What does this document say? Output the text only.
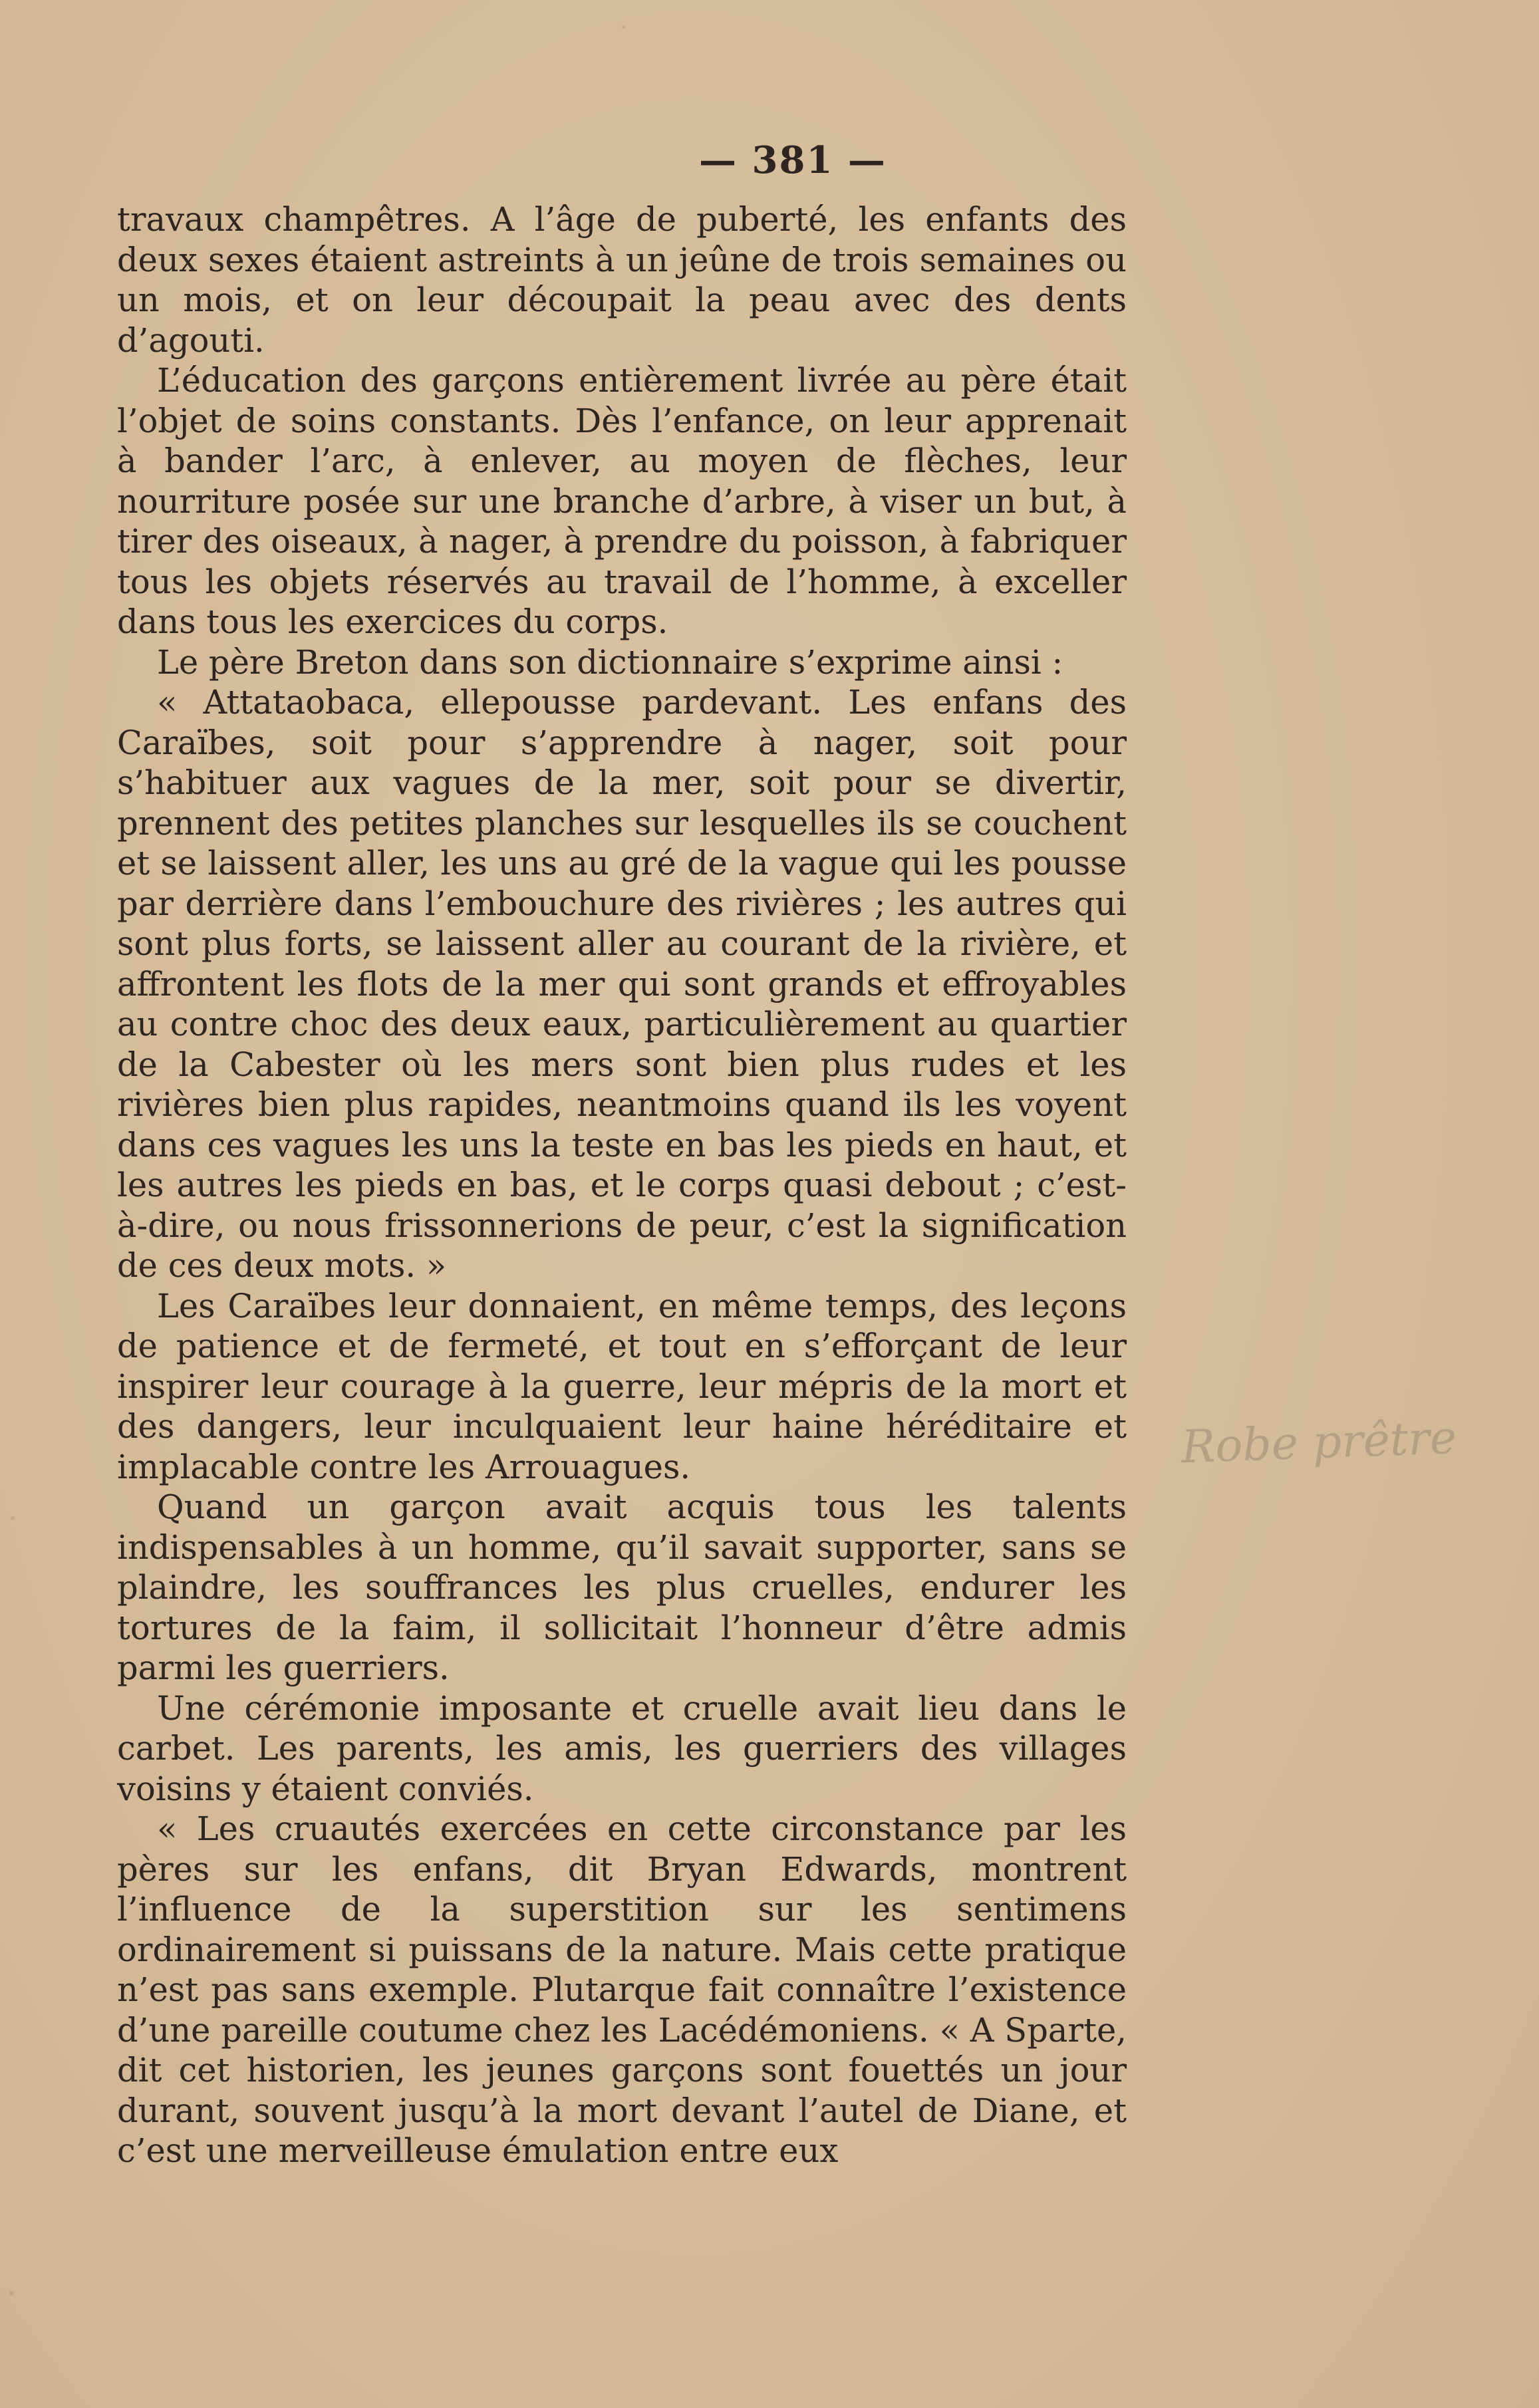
— 381 —

travaux champêtres. A l’âge de puberté, les enfants des deux sexes étaient astreints à un jeûne de trois semaines ou un mois, et on leur découpait la peau avec des dents d’agouti.

L’éducation des garçons entièrement livrée au père était l’objet de soins constants. Dès l’enfance, on leur apprenait à bander l’arc, à enlever, au moyen de flèches, leur nourriture posée sur une branche d’arbre, à viser un but, à tirer des oiseaux, à nager, à prendre du poisson, à fabriquer tous les objets réservés au travail de l’homme, à exceller dans tous les exercices du corps.

Le père Breton dans son dictionnaire s’exprime ainsi :

« Attataobaca, ellepousse pardevant. Les enfans des Caraïbes, soit pour s’apprendre à nager, soit pour s’habituer aux vagues de la mer, soit pour se divertir, prennent des petites planches sur lesquelles ils se couchent et se laissent aller, les uns au gré de la vague qui les pousse par derrière dans l’embouchure des rivières ; les autres qui sont plus forts, se laissent aller au courant de la rivière, et affrontent les flots de la mer qui sont grands et effroyables au contre choc des deux eaux, particulièrement au quartier de la Cabester où les mers sont bien plus rudes et les rivières bien plus rapides, neantmoins quand ils les voyent dans ces vagues les uns la teste en bas les pieds en haut, et les autres les pieds en bas, et le corps quasi debout ; c’est-à-dire, ou nous frissonnerions de peur, c’est la signification de ces deux mots. »

Les Caraïbes leur donnaient, en même temps, des leçons de patience et de fermeté, et tout en s’efforçant de leur inspirer leur courage à la guerre, leur mépris de la mort et des dangers, leur inculquaient leur haine héréditaire et implacable contre les Arrouagues.

Quand un garçon avait acquis tous les talents indispensables à un homme, qu’il savait supporter, sans se plaindre, les souffrances les plus cruelles, endurer les tortures de la faim, il sollicitait l’honneur d’être admis parmi les guerriers.

Une cérémonie imposante et cruelle avait lieu dans le carbet. Les parents, les amis, les guerriers des villages voisins y étaient conviés.

« Les cruautés exercées en cette circonstance par les pères sur les enfans, dit Bryan Edwards, montrent l’influence de la superstition sur les sentimens ordinairement si puissans de la nature. Mais cette pratique n’est pas sans exemple. Plutarque fait connaître l’existence d’une pareille coutume chez les Lacédémoniens. « A Sparte, dit cet historien, les jeunes garçons sont fouettés un jour durant, souvent jusqu’à la mort devant l’autel de Diane, et c’est une merveilleuse émulation entre eux

Robe prêtre
